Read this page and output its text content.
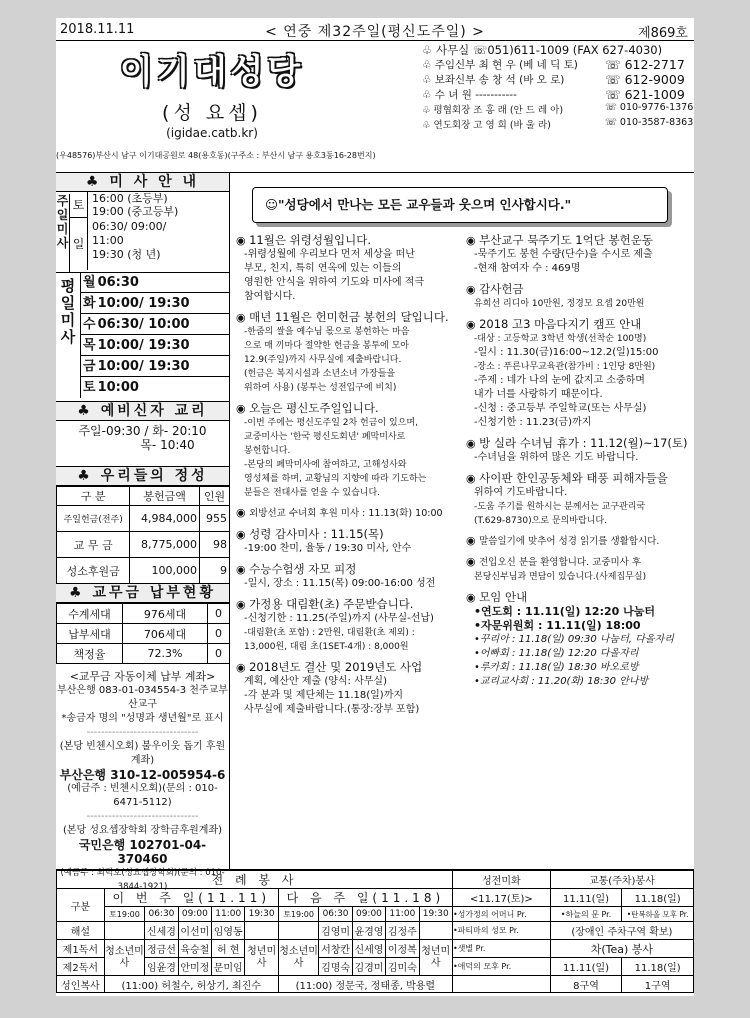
2018.11.11	< 연중 제32주일(평신도주일) >	제869호
이기대성당
(성 요셉)
(igidae.catb.kr)
(우48576)부산시 남구 이기대공원로 48(용호동)(구주소 : 부산시 남구 용호3동16-28번지)
♧ 사무실 ☏051)611-1009 (FAX 627-4030)
♧ 주임신부 최 현 우 (베 네 딕 토) ☏ 612-2717
♧ 보좌신부 송 창 석 (바 오 로)	☏ 612-9009
♧ 수 녀 원 -----------	☏ 621-1009
♧ 평협회장 조 홍 래 (안 드 레 아)	☏ 010-9776-1376
♧ 연도회장 고 영 희 (바 울 라)	☏ 010-3587-8363
♣ 미 사 안 내
주일미사
토 16:00 (초등부)
19:00 (중고등부)
일
06:30/ 09:00/
11:00
19:30 (청 년)
평일미사
월 06:30
화 10:00/ 19:30
수 06:30/ 10:00
목 10:00/ 19:30
금 10:00/ 19:30
토 10:00
♣ 예비신자 교리
주일-09:30 / 화- 20:10
목- 10:40
♣ 우리들의 정성
구 분	봉헌금액	인원
주일헌금(전주)	4,984,000	955
교 무 금	8,775,000	98
성소후원금	100,000	9
♣ 교무금 납부현황
수계세대	976세대	0
납부세대	706세대	0
책정율	72.3%	0
<교무금 자동이체 납부 계좌>
부산은행 083-01-034554-3 천주교부산교구
*송금자 명의 "성명과 생년월"로 표시
-------------------------------
(본당 빈첸시오회) 불우이웃 돕기 후원계좌)
부산은행 310-12-005954-6
(예금주 : 빈첸시오회)(문의 : 010-6471-5112)
-------------------------------
(본당 성요셉장학회 장학금후원계좌)
국민은행 102701-04-370460
(예금주 : 최덕호(성요셉장학회)(문의 : 010-3844-1921)
☺"성당에서 만나는 모든 교우들과 웃으며 인사합시다."
◉ 11월은 위령성월입니다.
-위령성월에 우리보다 먼저 세상을 떠난
부모, 친지, 특히 연옥에 있는 이들의
영원한 안식을 위하여 기도와 미사에 적극
참여합시다.
◉ 매년 11월은 헌미헌금 봉헌의 달입니다.
-한줌의 쌀을 예수님 몫으로 봉헌하는 마음
으로 매 끼마다 절약한 헌금을 봉투에 모아
12.9(주일)까지 사무실에 제출바랍니다.
(헌금은 복지시설과 소년소녀 가장들을
위하여 사용) (봉투는 성전입구에 비치)
◉ 오늘은 평신도주일입니다.
-이번 주에는 평신도주일 2차 헌금이 있으며,
교중미사는 '한국 평신도회년' 폐막미사로
봉헌합니다.
-본당의 폐막미사에 참여하고, 고해성사와
영성체를 하며, 교황님의 지향에 따라 기도하는
분들은 전대사를 얻을 수 있습니다.
◉ 외방선교 수녀회 후원 미사 : 11.13(화) 10:00
◉ 성령 감사미사 : 11.15(목)
-19:00 찬미, 율동 / 19:30 미사, 안수
◉ 수능수험생 자모 피정
-일시, 장소 : 11.15(목) 09:00-16:00 성전
◉ 가정용 대림환(초) 주문받습니다.
-신청기한 : 11.25(주일)까지 (사무실-선납)
-대림환(초 포함) : 2만원, 대림환(초 제외) :
13,000원, 대림 초(1SET-4개) : 8,000원
◉ 2018년도 결산 및 2019년도 사업
계획, 예산안 제출 (양식: 사무실)
-각 분과 및 제단체는 11.18(일)까지
사무실에 제출바랍니다.(통장:장부 포함)
◉ 부산교구 묵주기도 1억단 봉헌운동
-묵주기도 봉헌 수량(단수)을 수시로 제출
-현재 참여자 수 : 469명
◉ 감사헌금
유희선 리디아 10만원, 정경모 요셉 20만원
◉ 2018 고3 마음다지기 캠프 안내
-대상 : 고등학교 3학년 학생(선착순 100명)
-일시 : 11.30(금)16:00~12.2(일)15:00
-장소 : 푸른나무교육관(참가비 : 1인당 8만원)
-주제 : 네가 나의 눈에 값지고 소중하며
내가 너를 사랑하기 때문이다.
-신청 : 중고등부 주일학교(또는 사무실)
-신청기한 : 11.23(금)까지
◉ 방 실라 수녀님 휴가 : 11.12(월)~17(토)
-수녀님을 위하여 많은 기도 바랍니다.
◉ 사이판 한인공동체와 태풍 피해자들을
위하여 기도바랍니다.
-도움 주기를 원하시는 분께서는 교구관리국
(T.629-8730)으로 문의바랍니다.
◉ 말씀일기에 맞추어 성경 읽기를 생활합시다.
◉ 전입오신 분을 환영합니다. 교중미사 후
본당신부님과 면담이 있습니다.(사제집무실)
◉ 모임 안내
•연도회 : 11.11(일) 12:20 나눔터
•자문위원회 : 11.11(일) 18:00
•꾸리아 : 11.18(일) 09:30 나눔터, 다올자리
•어빠회 : 11.18(일) 12:20 다올자리
•루카회 : 11.18(일) 18:30 바오로방
•교리교사회 : 11.20(화) 18:30 안나방
전 례 봉 사											성전미화	교통(주차)봉사	
구분	이 번 주 일(11.11)					다 음 주 일(11.18)					<11.17(토)>	11.11(일)	11.18(일)
	토19:00	06:30	09:00	11:00	19:30	토19:00	06:30	09:00	11:00	19:30	•성가정의 어머니 Pr.	•하늘의 문 Pr.	•탄복하올 모후 Pr.
해설		신세경	이선미	임영동			김영미	윤경영	김정주		•파티마의 성모 Pr.	(장애인 주차구역 확보)	
제1독서	청소년미사	정금선	육승철	허 현	청년미사	청소년미사	서창칸	신세영	이정복	청년미사	•샛별 Pr.	차(Tea) 봉사	
제2독서		임윤경	안미정	문미임			김명숙	김경미	김미숙		•애덕의 모후 Pr.	11.11(일)	11.18(일)
성인복사	(11:00) 허철수, 허상기, 최진수					(11:00) 정문국, 정태종, 박용렬						8구역	1구역
